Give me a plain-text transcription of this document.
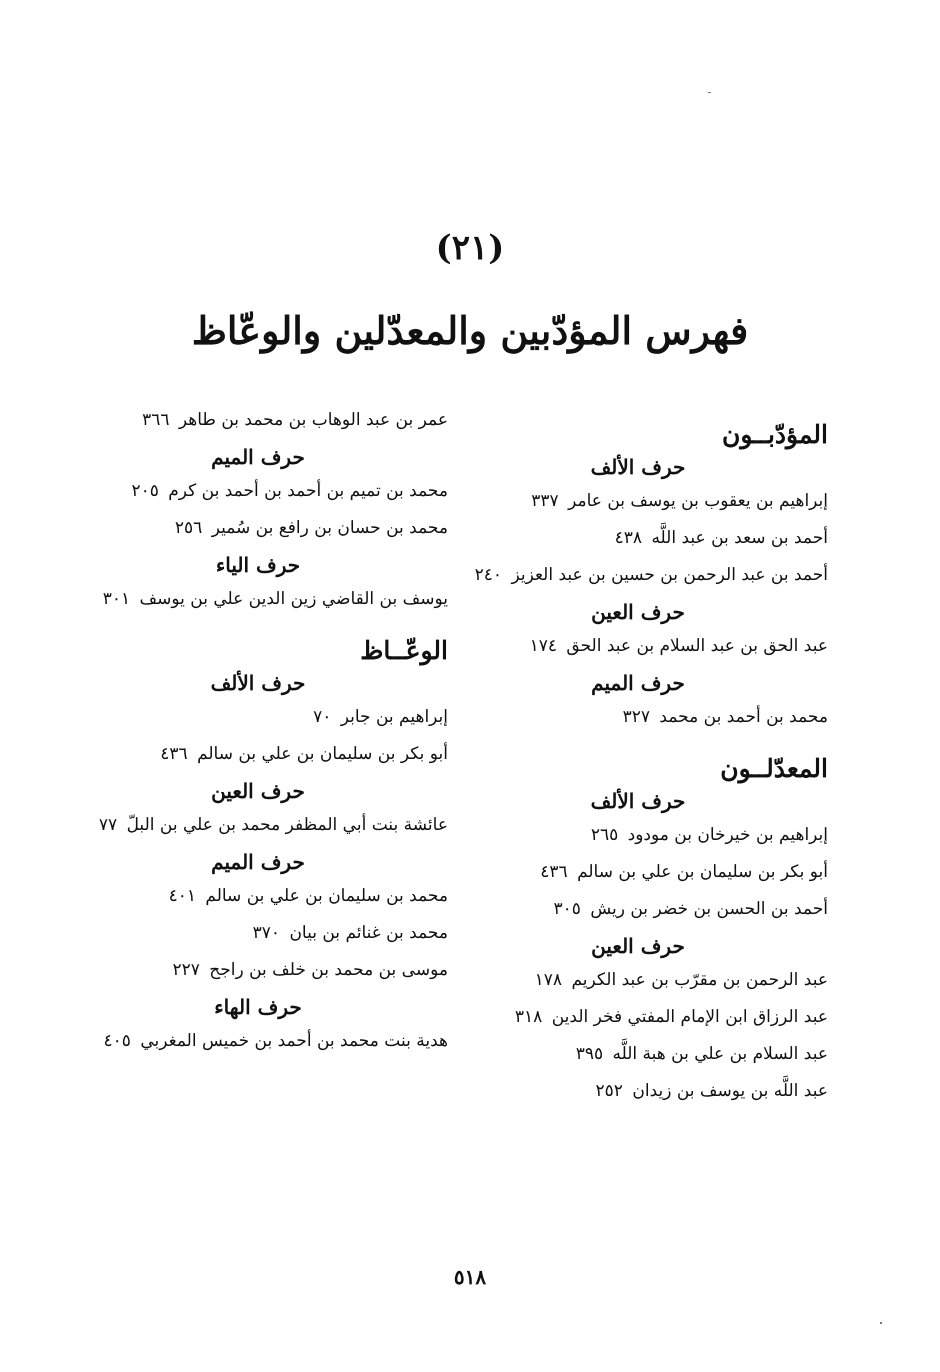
(٢١)
فهرس المؤدّبين والمعدّلين والوعّاظ
المؤدّبــون
حرف الألف
إبراهيم بن يعقوب بن يوسف بن عامر ٣٣٧
أحمد بن سعد بن عبد اللَّه ٤٣٨
أحمد بن عبد الرحمن بن حسين بن عبد العزيز ٢٤٠
حرف العين
عبد الحق بن عبد السلام بن عبد الحق ١٧٤
حرف الميم
محمد بن أحمد بن محمد ٣٢٧
المعدّلــون
حرف الألف
إبراهيم بن خيرخان بن مودود ٢٦٥
أبو بكر بن سليمان بن علي بن سالم ٤٣٦
أحمد بن الحسن بن خضر بن ريش ٣٠٥
حرف العين
عبد الرحمن بن مقرّب بن عبد الكريم ١٧٨
عبد الرزاق ابن الإمام المفتي فخر الدين ٣١٨
عبد السلام بن علي بن هبة اللَّه ٣٩٥
عبد اللَّه بن يوسف بن زيدان ٢٥٢
عمر بن عبد الوهاب بن محمد بن طاهر ٣٦٦
حرف الميم
محمد بن تميم بن أحمد بن أحمد بن كرم ٢٠٥
محمد بن حسان بن رافع بن سُمير ٢٥٦
حرف الياء
يوسف بن القاضي زين الدين علي بن يوسف ٣٠١
الوعّــاظ
حرف الألف
إبراهيم بن جابر ٧٠
أبو بكر بن سليمان بن علي بن سالم ٤٣٦
حرف العين
عائشة بنت أبي المظفر محمد بن علي بن البلّ ٧٧
حرف الميم
محمد بن سليمان بن علي بن سالم ٤٠١
محمد بن غنائم بن بيان ٣٧٠
موسى بن محمد بن خلف بن راجح ٢٢٧
حرف الهاء
هدية بنت محمد بن أحمد بن خميس المغربي ٤٠٥
٥١٨
